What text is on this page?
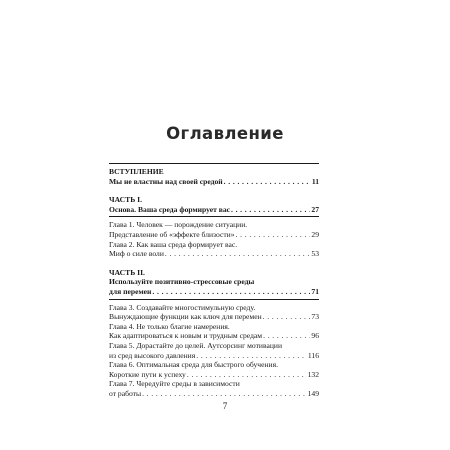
Оглавление
ВСТУПЛЕНИЕ
Мы не властны над своей средой . . .	11
ЧАСТЬ I.
Основа. Ваша среда формирует вас . . .	27
Глава 1. Человек — порождение ситуации.
Представление об «эффекте близости» . . .	29
Глава 2. Как ваша среда формирует вас.
Миф о силе воли . . .	53
ЧАСТЬ II.
Используйте позитивно-стрессовые среды
для перемен . . .	71
Глава 3. Создавайте многостимульную среду.
Вынуждающие функции как ключ для перемен . . .	73
Глава 4. Не только благие намерения.
Как адаптироваться к новым и трудным средам . . .	96
Глава 5. Дорастайте до целей. Аутсорсинг мотивации
из сред высокого давления . . .	116
Глава 6. Оптимальная среда для быстрого обучения.
Короткие пути к успеху . . .	132
Глава 7. Чередуйте среды в зависимости
от работы . . .	149
7
